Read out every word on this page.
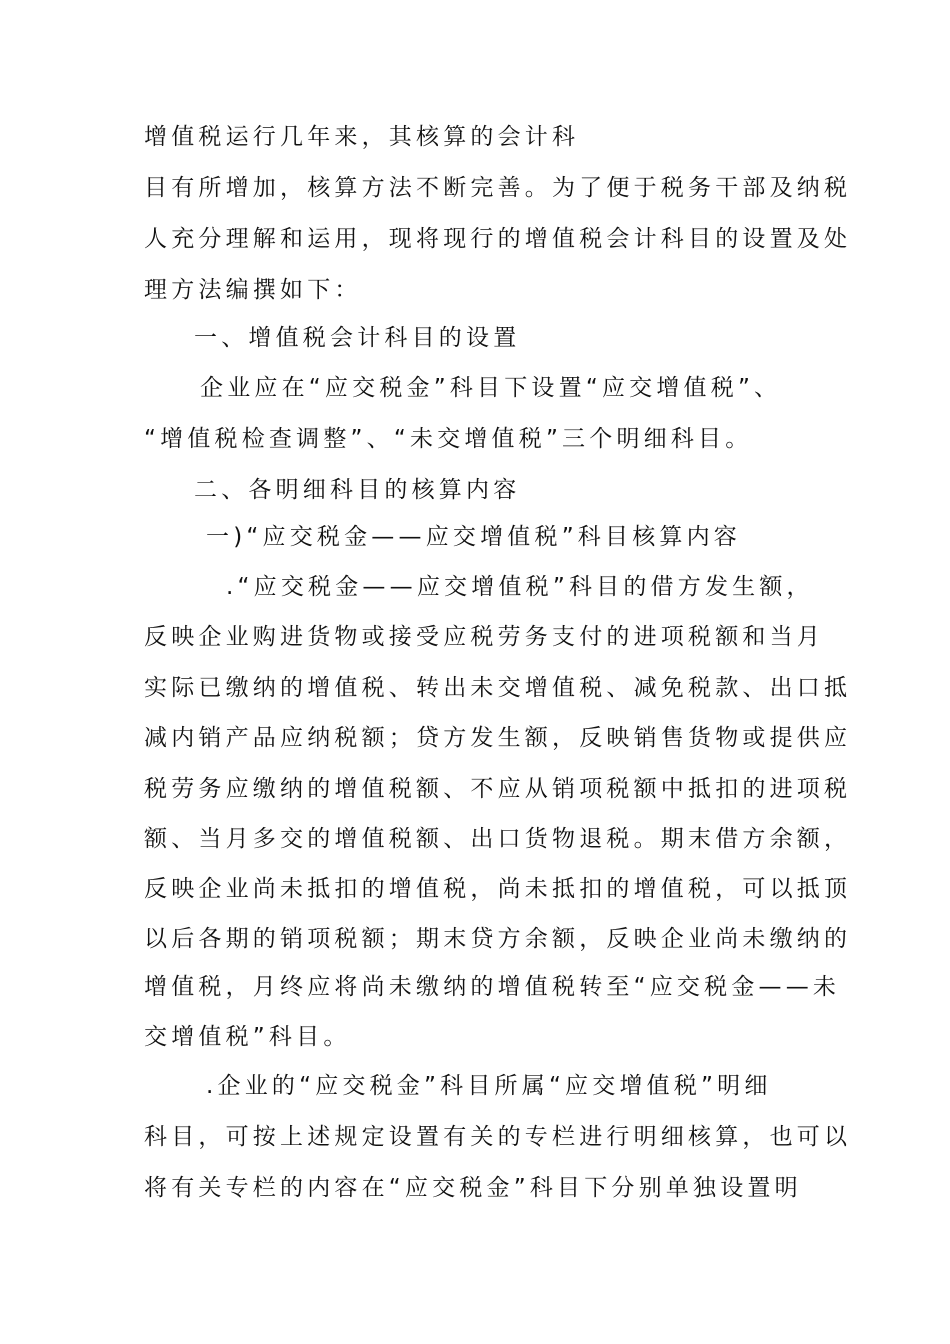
增值税运行几年来，其核算的会计科
目有所增加，核算方法不断完善。为了便于税务干部及纳税
人充分理解和运用，现将现行的增值税会计科目的设置及处
理方法编撰如下：
一、增值税会计科目的设置
企业应在“应交税金”科目下设置“应交增值税”、
“增值税检查调整”、“未交增值税”三个明细科目。
二、各明细科目的核算内容
一)“应交税金——应交增值税”科目核算内容
.“应交税金——应交增值税”科目的借方发生额，
反映企业购进货物或接受应税劳务支付的进项税额和当月
实际已缴纳的增值税、转出未交增值税、减免税款、出口抵
减内销产品应纳税额；贷方发生额，反映销售货物或提供应
税劳务应缴纳的增值税额、不应从销项税额中抵扣的进项税
额、当月多交的增值税额、出口货物退税。期末借方余额，
反映企业尚未抵扣的增值税，尚未抵扣的增值税，可以抵顶
以后各期的销项税额；期末贷方余额，反映企业尚未缴纳的
增值税，月终应将尚未缴纳的增值税转至“应交税金——未
交增值税”科目。
.企业的“应交税金”科目所属“应交增值税”明细
科目，可按上述规定设置有关的专栏进行明细核算，也可以
将有关专栏的内容在“应交税金”科目下分别单独设置明
